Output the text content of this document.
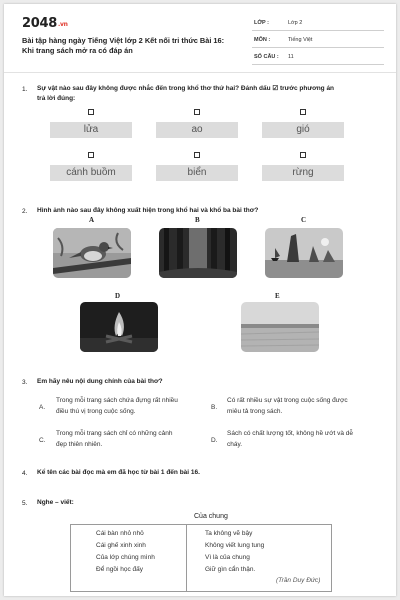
2048.vn
Bài tập hàng ngày Tiếng Việt lớp 2 Kết nối tri thức Bài 16:
Khi trang sách mở ra có đáp án
LỚP :	Lớp 2
MÔN :	Tiếng Việt
SỐ CÂU : 11
1. Sự vật nào sau đây không được nhắc đến trong khổ thơ thứ hai? Đánh dấu ☑ trước phương án
trả lời đúng:
lửa	ao	gió
cánh buồm	biển	rừng
2. Hình ảnh nào sau đây không xuất hiện trong khổ hai và khổ ba bài thơ?
A	B	C
D	E
3. Em hãy nêu nội dung chính của bài thơ?
A.
Trong mỗi trang sách chứa đựng rất nhiều
điều thú vị trong cuộc sống.
B.
Có rất nhiều sự vật trong cuộc sống được
miêu tả trong sách.
C.
Trong mỗi trang sách chỉ có những cảnh
đẹp thiên nhiên.
D.
Sách có chất lượng tốt, không hề ướt và dễ
cháy.
4. Kể tên các bài đọc mà em đã học từ bài 1 đến bài 16.
5. Nghe – viết:
Của chung
Cái bàn nhỏ nhỏ
Cái ghế xinh xinh
Của lớp chúng mình
Để ngồi học đấy
Ta không vẽ bậy
Không viết lung tung
Vì là của chung
Giữ gìn cẩn thận.
(Trần Duy Đức)
